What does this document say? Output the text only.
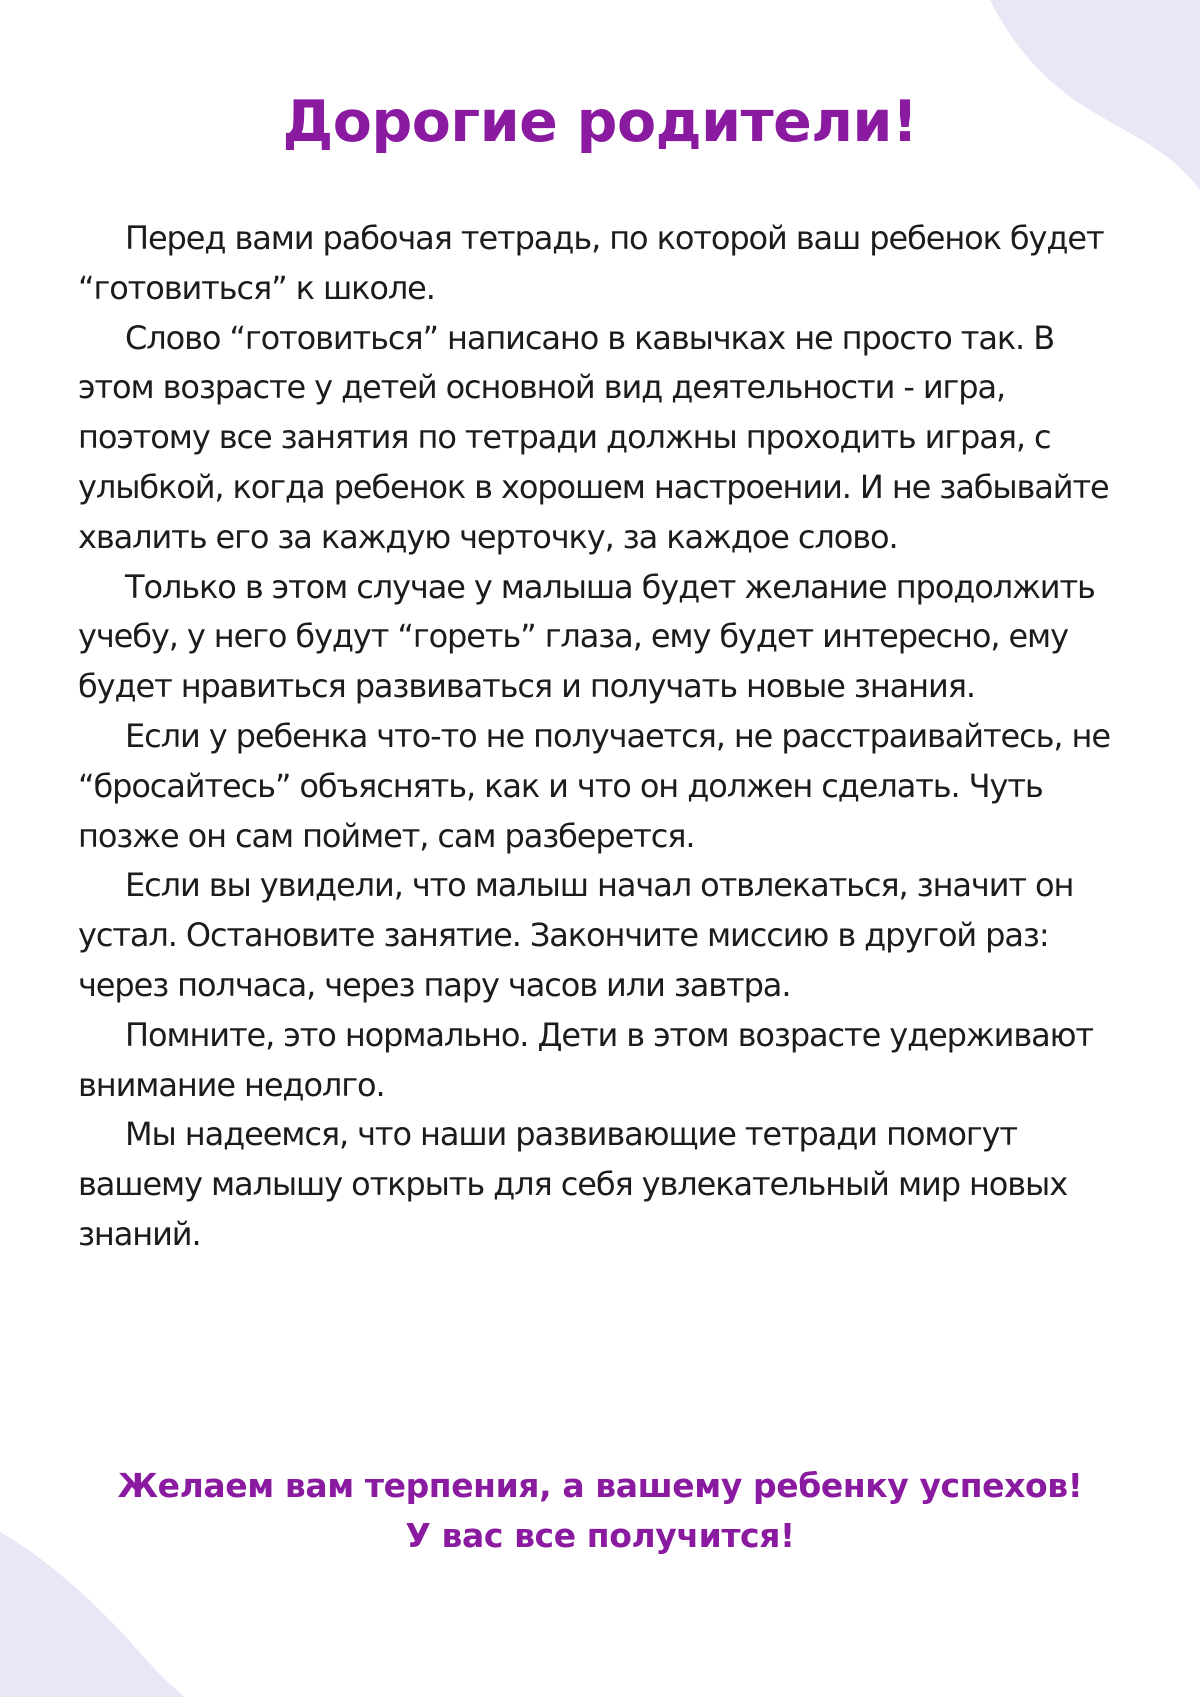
Дорогие родители!

Перед вами рабочая тетрадь, по которой ваш ребенок будет “готовиться” к школе.

Слово “готовиться” написано в кавычках не просто так. В этом возрасте у детей основной вид деятельности - игра, поэтому все занятия по тетради должны проходить играя, с улыбкой, когда ребенок в хорошем настроении. И не забывайте хвалить его за каждую черточку, за каждое слово.

Только в этом случае у малыша будет желание продолжить учебу, у него будут “гореть” глаза, ему будет интересно, ему будет нравиться развиваться и получать новые знания.

Если у ребенка что-то не получается, не расстраивайтесь, не “бросайтесь” объяснять, как и что он должен сделать. Чуть позже он сам поймет, сам разберется.

Если вы увидели, что малыш начал отвлекаться, значит он устал. Остановите занятие. Закончите миссию в другой раз: через полчаса, через пару часов или завтра.

Помните, это нормально. Дети в этом возрасте удерживают внимание недолго.

Мы надеемся, что наши развивающие тетради помогут вашему малышу открыть для себя увлекательный мир новых знаний.

Желаем вам терпения, а вашему ребенку успехов!
У вас все получится!
